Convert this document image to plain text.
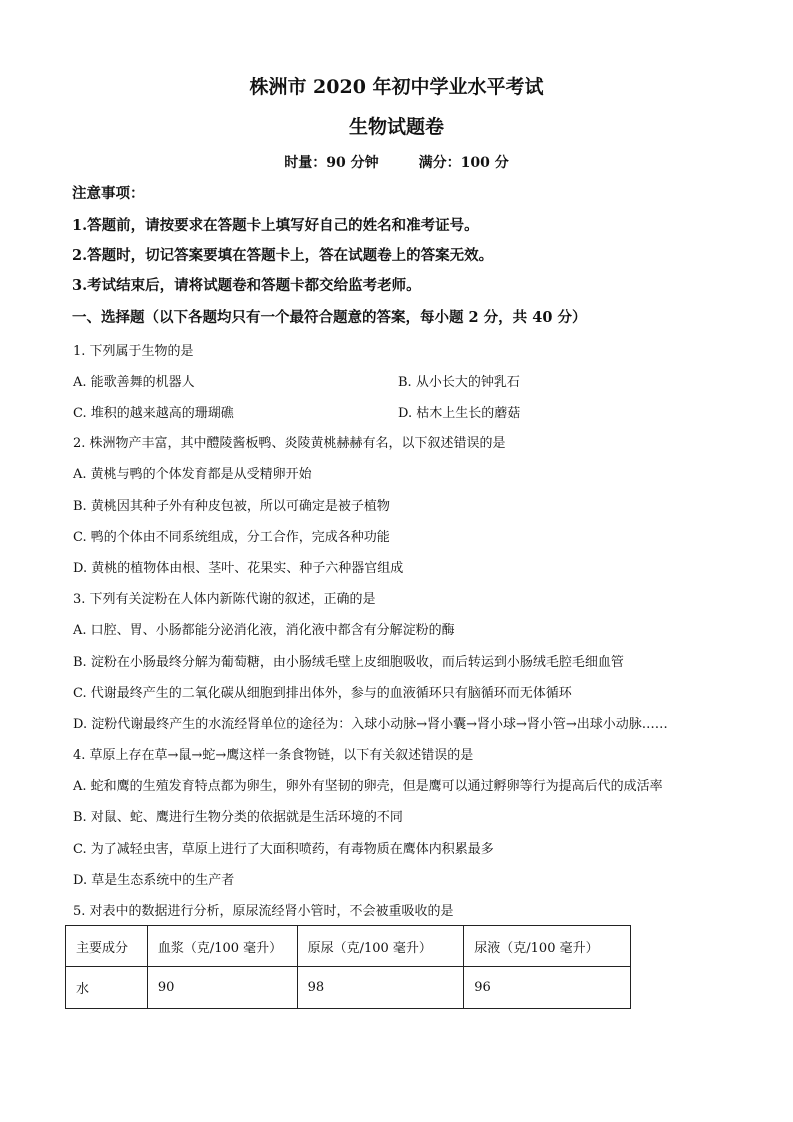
株洲市 2020 年初中学业水平考试
生物试题卷
时量：90 分钟	满分：100 分
注意事项：
1.答题前，请按要求在答题卡上填写好自己的姓名和准考证号。
2.答题时，切记答案要填在答题卡上，答在试题卷上的答案无效。
3.考试结束后，请将试题卷和答题卡都交给监考老师。
一、选择题（以下各题均只有一个最符合题意的答案，每小题 2 分，共 40 分）
1. 下列属于生物的是
A. 能歌善舞的机器人	B. 从小长大的钟乳石
C. 堆积的越来越高的珊瑚礁	D. 枯木上生长的蘑菇
2. 株洲物产丰富，其中醴陵酱板鸭、炎陵黄桃赫赫有名，以下叙述错误的是
A. 黄桃与鸭的个体发育都是从受精卵开始
B. 黄桃因其种子外有种皮包被，所以可确定是被子植物
C. 鸭的个体由不同系统组成，分工合作，完成各种功能
D. 黄桃的植物体由根、茎叶、花果实、种子六种器官组成
3. 下列有关淀粉在人体内新陈代谢的叙述，正确的是
A. 口腔、胃、小肠都能分泌消化液，消化液中都含有分解淀粉的酶
B. 淀粉在小肠最终分解为葡萄糖，由小肠绒毛壁上皮细胞吸收，而后转运到小肠绒毛腔毛细血管
C. 代谢最终产生的二氧化碳从细胞到排出体外，参与的血液循环只有脑循环而无体循环
D. 淀粉代谢最终产生的水流经肾单位的途径为：入球小动脉→肾小囊→肾小球→肾小管→出球小动脉……
4. 草原上存在草→鼠→蛇→鹰这样一条食物链，以下有关叙述错误的是
A. 蛇和鹰的生殖发育特点都为卵生，卵外有坚韧的卵壳，但是鹰可以通过孵卵等行为提高后代的成活率
B. 对鼠、蛇、鹰进行生物分类的依据就是生活环境的不同
C. 为了减轻虫害，草原上进行了大面积喷药，有毒物质在鹰体内积累最多
D. 草是生态系统中的生产者
5. 对表中的数据进行分析，原尿流经肾小管时，不会被重吸收的是
主要成分	血浆（克/100 毫升）	原尿（克/100 毫升）	尿液（克/100 毫升）
水	90	98	96
